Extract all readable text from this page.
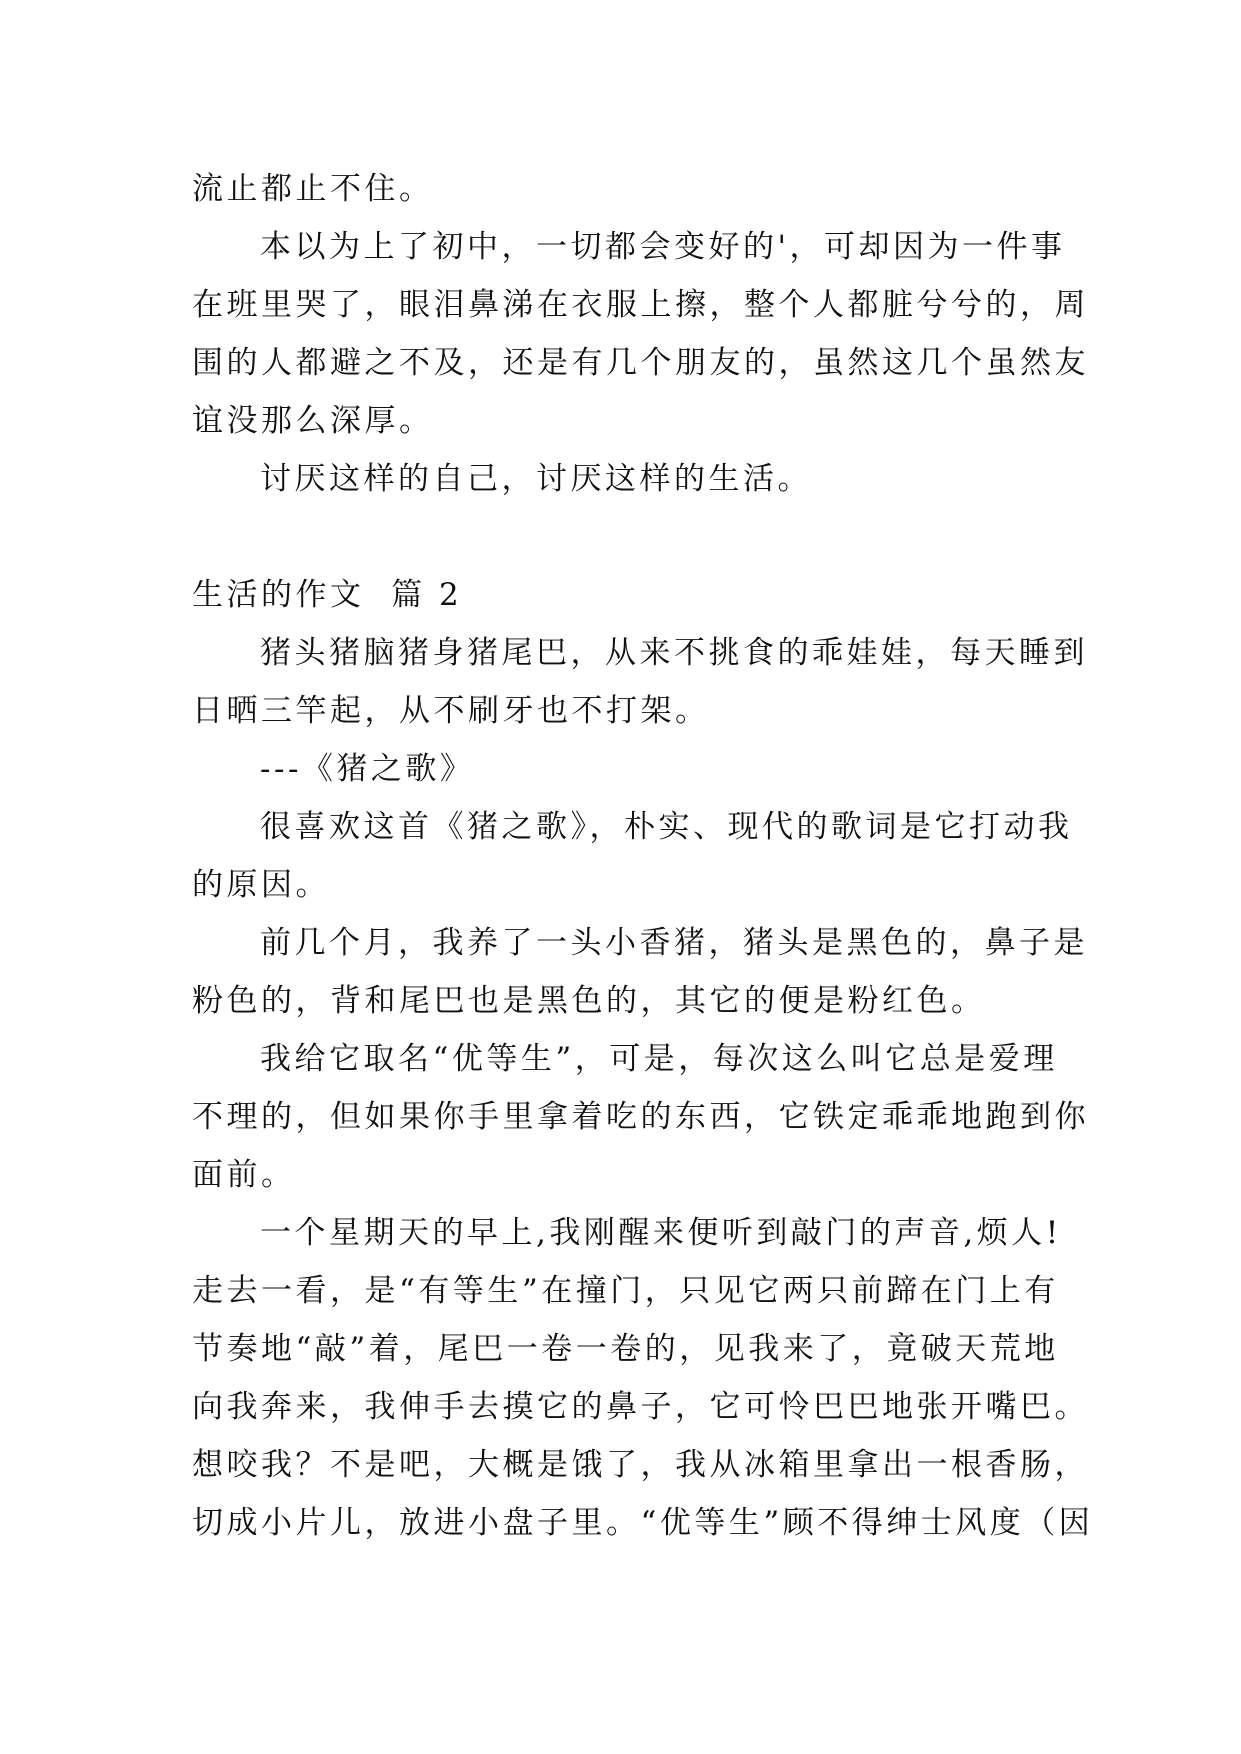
流止都止不住。

本以为上了初中，一切都会变好的'，可却因为一件事

在班里哭了，眼泪鼻涕在衣服上擦，整个人都脏兮兮的，周

围的人都避之不及，还是有几个朋友的，虽然这几个虽然友

谊没那么深厚。

讨厌这样的自己，讨厌这样的生活。

生活的作文  篇 2

猪头猪脑猪身猪尾巴，从来不挑食的乖娃娃，每天睡到

日晒三竿起，从不刷牙也不打架。

---《猪之歌》

很喜欢这首《猪之歌》，朴实、现代的歌词是它打动我

的原因。

前几个月，我养了一头小香猪，猪头是黑色的，鼻子是

粉色的，背和尾巴也是黑色的，其它的便是粉红色。

我给它取名“优等生”，可是，每次这么叫它总是爱理

不理的，但如果你手里拿着吃的东西，它铁定乖乖地跑到你

面前。

一个星期天的早上,我刚醒来便听到敲门的声音,烦人!

走去一看，是“有等生”在撞门，只见它两只前蹄在门上有

节奏地“敲”着，尾巴一卷一卷的，见我来了，竟破天荒地

向我奔来，我伸手去摸它的鼻子，它可怜巴巴地张开嘴巴。

想咬我？不是吧，大概是饿了，我从冰箱里拿出一根香肠，

切成小片儿，放进小盘子里。“优等生”顾不得绅士风度（因
